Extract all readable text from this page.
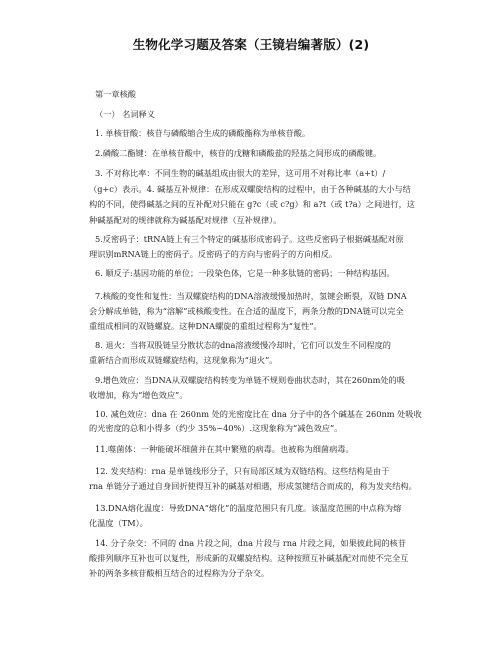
生物化学习题及答案（王镜岩编著版）(2)
第一章核酸
（一） 名词释义
1. 单核苷酸：核苷与磷酸缩合生成的磷酸酯称为单核苷酸。
2.磷酸二酯键：在单核苷酸中，核苷的戊糖和磷酸盐的羟基之间形成的磷酸键。
3. 不对称比率：不同生物的碱基组成由很大的差异，这可用不对称比率（a+t）/
（g+c）表示。4. 碱基互补规律：在形成双螺旋结构的过程中，由于各种碱基的大小与结
构的不同，使得碱基之间的互补配对只能在 g?c（或 c?g）和 a?t（或 t?a）之间进行，这
种碱基配对的规律就称为碱基配对规律（互补规律）。
5.反密码子：tRNA链上有三个特定的碱基形成密码子。这些反密码子根据碱基配对原
理识别mRNA链上的密码子。反密码子的方向与密码子的方向相反。
6. 顺反子:基因功能的单位；一段染色体，它是一种多肽链的密码；一种结构基因。
7.核酸的变性和复性：当双螺旋结构的DNA溶液缓慢加热时，氢键会断裂，双链 DNA
会分解成单链，称为“溶解”或核酸变性。在合适的温度下，两条分散的DNA链可以完全
重组成相同的双链螺旋。这种DNA螺旋的重组过程称为“复性”。
8. 退火：当将双股链呈分散状态的dna溶液缓慢冷却时，它们可以发生不同程度的
重新结合而形成双链螺旋结构，这现象称为“退火”。
9.增色效应：当DNA从双螺旋结构转变为单链不规则卷曲状态时，其在260nm处的吸
收增加，称为“增色效应”。
10. 减色效应：dna 在 260nm 处的光密度比在 dna 分子中的各个碱基在 260nm 处吸收
的光密度的总和小得多（约少 35%~40%）.这现象称为“减色效应”。
11.噬菌体：一种能破坏细菌并在其中繁殖的病毒。也被称为细菌病毒。
12. 发夹结构：rna 是单链线形分子，只有局部区域为双链结构。这些结构是由于
rna 单链分子通过自身回折使得互补的碱基对相遇，形成氢键结合而成的，称为发夹结构。
13.DNA熔化温度：导致DNA“熔化”的温度范围只有几度。该温度范围的中点称为熔
化温度（TM）。
14. 分子杂交：不同的 dna 片段之间，dna 片段与 rna 片段之间，如果彼此间的核苷
酸排列顺序互补也可以复性，形成新的双螺旋结构。这种按照互补碱基配对而使不完全互
补的两条多核苷酸相互结合的过程称为分子杂交。
